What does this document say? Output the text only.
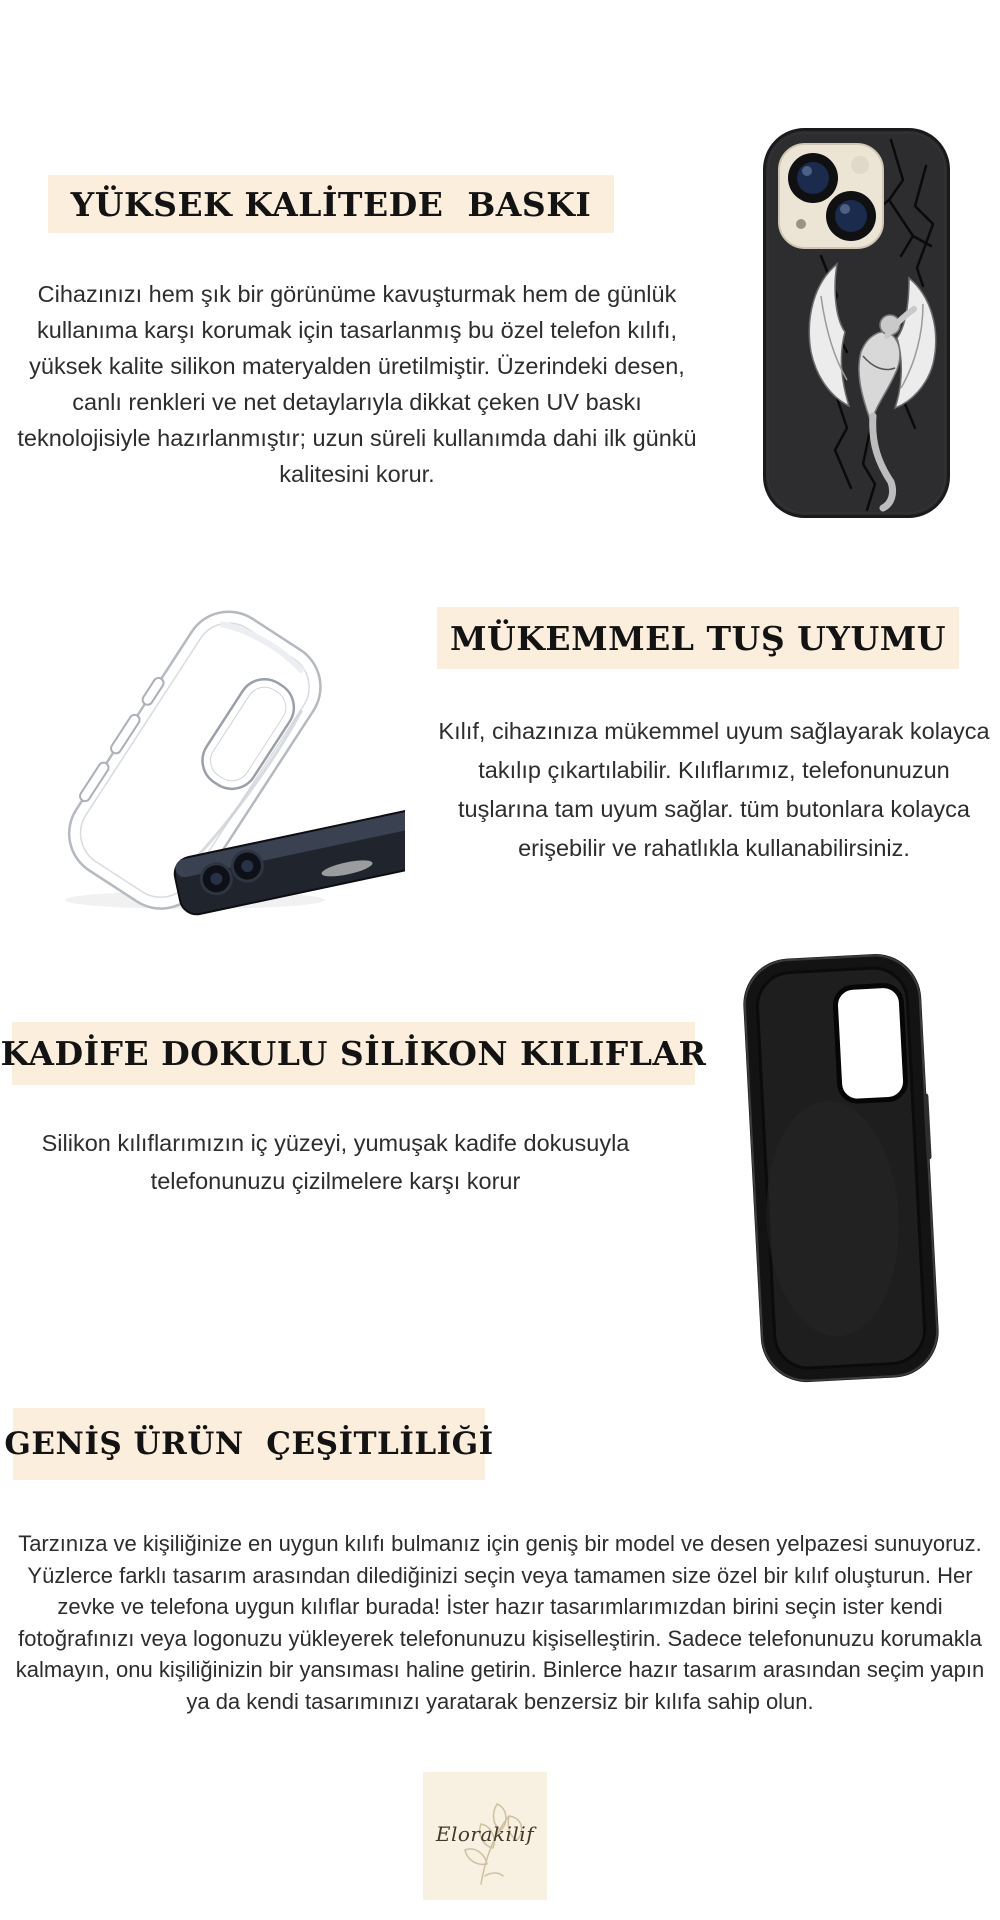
YÜKSEK KALİTEDE  BASKI
Cihazınızı hem şık bir görünüme kavuşturmak hem de günlük kullanıma karşı korumak için tasarlanmış bu özel telefon kılıfı, yüksek kalite silikon materyalden üretilmiştir. Üzerindeki desen, canlı renkleri ve net detaylarıyla dikkat çeken UV baskı teknolojisiyle hazırlanmıştır; uzun süreli kullanımda dahi ilk günkü kalitesini korur.
MÜKEMMEL TUŞ UYUMU
Kılıf, cihazınıza mükemmel uyum sağlayarak kolayca takılıp çıkartılabilir. Kılıflarımız, telefonunuzun tuşlarına tam uyum sağlar. tüm butonlara kolayca erişebilir ve rahatlıkla kullanabilirsiniz.
KADİFE DOKULU SİLİKON KILIFLAR
Silikon kılıflarımızın iç yüzeyi, yumuşak kadife dokusuyla telefonunuzu çizilmelere karşı korur
GENİŞ ÜRÜN  ÇEŞİTLİLİĞİ
Tarzınıza ve kişiliğinize en uygun kılıfı bulmanız için geniş bir model ve desen yelpazesi sunuyoruz. Yüzlerce farklı tasarım arasından dilediğinizi seçin veya tamamen size özel bir kılıf oluşturun. Her zevke ve telefona uygun kılıflar burada! İster hazır tasarımlarımızdan birini seçin ister kendi fotoğrafınızı veya logonuzu yükleyerek telefonunuzu kişiselleştirin. Sadece telefonunuzu korumakla kalmayın, onu kişiliğinizin bir yansıması haline getirin. Binlerce hazır tasarım arasından seçim yapın ya da kendi tasarımınızı yaratarak benzersiz bir kılıfa sahip olun.
Elorakilif
